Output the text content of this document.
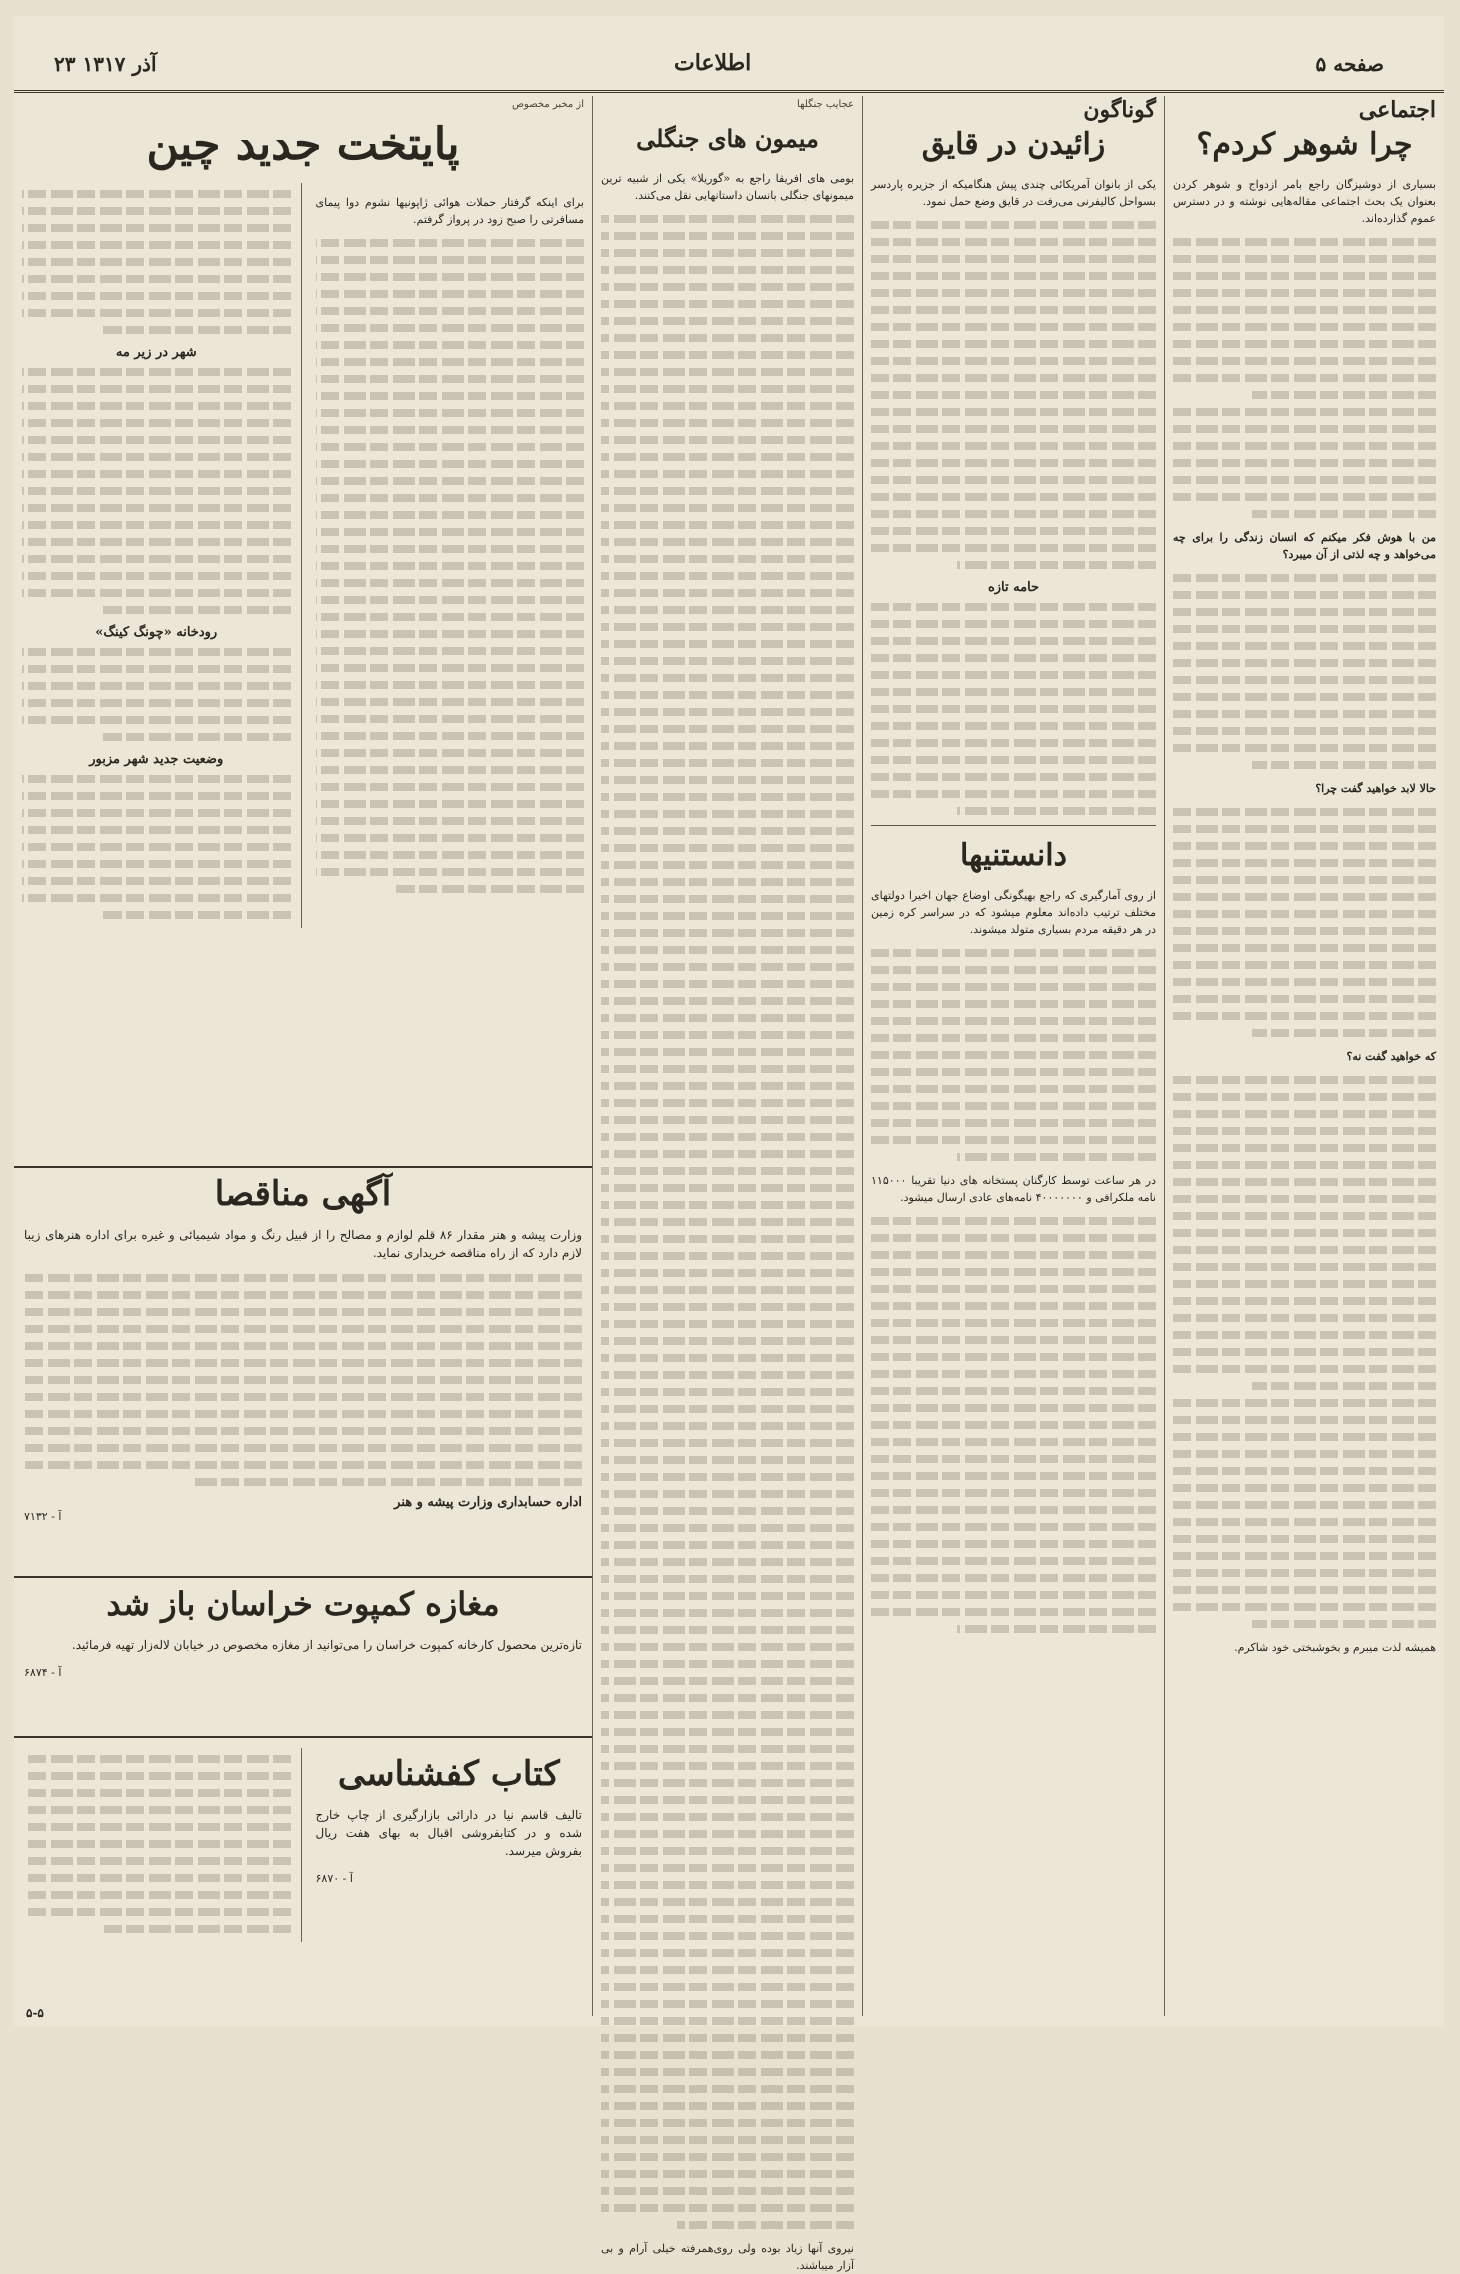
۲۳ آذر ۱۳۱۷	اطلاعات	صفحه ۵
اجتماعی
چرا شوهر کردم؟

بسیاری از دوشیزگان راجع بامر ازدواج و شوهر کردن بعنوان یک بحث اجتماعی مقاله‌هایی نوشته و در دسترس عموم گذارده‌اند.

من با هوش فکر میکنم که انسان زندگی را برای چه می‌خواهد و چه لذتی از آن میبرد؟

حالا لابد خواهید گفت چرا؟

که خواهید گفت نه؟

همیشه لذت میبرم و بخوشبختی خود شاکرم.

گوناگون
زائیدن در قایق

یکی از بانوان آمریکائی چندی پیش هنگامیکه از جزیره پاردسر بسواحل کالیفرنی می‌رفت در قایق وضع حمل نمود.

حامه تازه
دانستنیها

از روی آمارگیری که راجع بهیگونگی اوضاع جهان اخیرا دولتهای مختلف ترتیب داده‌اند معلوم میشود که در سراسر کره زمین در هر دقیقه مردم بسیاری متولد میشوند.

در هر ساعت توسط کارگنان پستخانه های دنیا تقریبا ۱۱۵۰۰۰ نامه ملکرافی و ۴۰۰۰۰۰۰۰ نامه‌های عادی ارسال میشود.

عجایب جنگلها
میمون های جنگلی

بومی های افریقا راجع به «گوریلا» یکی از شبیه ترین میمونهای جنگلی بانسان داستانهایی نقل می‌کنند.

نیروی آنها زیاد بوده ولی روی‌همرفته خیلی آرام و بی آزار میباشند.

از مخبر مخصوص
پایتخت جدید چین

برای اینکه گرفتار حملات هوائی ژاپونیها نشوم دوا پیمای مسافرتی را صبح زود در پرواز گرفتم.

شهر در زیر مه
رودخانه «چونگ کینگ»
وضعیت جدید شهر مزبور
آگهی مناقصا

وزارت پیشه و هنر مقدار ۸۶ قلم لوازم و مصالح را از قبیل رنگ و مواد شیمیائی و غیره برای اداره هنرهای زیبا لازم دارد که از راه مناقصه خریداری نماید.

اداره حسابداری وزارت پیشه و هنر
آ - ۷۱۳۲
مغازه کمپوت خراسان باز شد

تازه‌ترین محصول کارخانه کمپوت خراسان را می‌توانید از مغازه مخصوص در خیابان لاله‌زار تهیه فرمائید.

آ - ۶۸۷۴
کتاب کفشناسی

تالیف قاسم نیا در دارائی بازارگیری از چاپ خارج شده و در کتابفروشی اقبال به بهای هفت ریال بفروش میرسد.

آ - ۶۸۷۰
۵-۵
